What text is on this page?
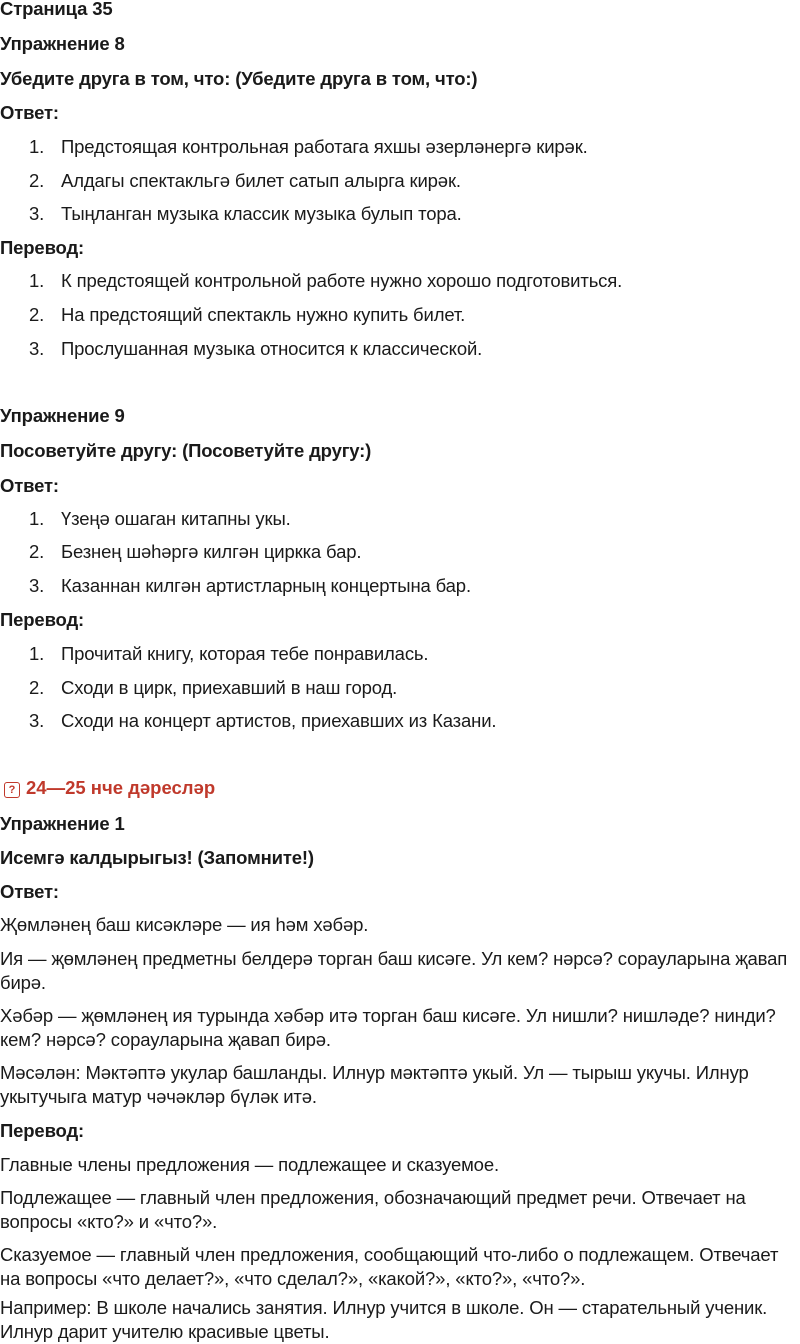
Страница 35
Упражнение 8
Убедите друга в том, что: (Убедите друга в том, что:)
Ответ:
1. Предстоящая контрольная работага яхшы әзерләнергә кирәк.
2. Алдагы спектакльгә билет сатып алырга кирәк.
3. Тыңланган музыка классик музыка булып тора.
Перевод:
1. К предстоящей контрольной работе нужно хорошо подготовиться.
2. На предстоящий спектакль нужно купить билет.
3. Прослушанная музыка относится к классической.
Упражнение 9
Посоветуйте другу: (Посоветуйте другу:)
Ответ:
1. Үзеңә ошаган китапны укы.
2. Безнең шәһәргә килгән циркка бар.
3. Казаннан килгән артистларның концертына бар.
Перевод:
1. Прочитай книгу, которая тебе понравилась.
2. Сходи в цирк, приехавший в наш город.
3. Сходи на концерт артистов, приехавших из Казани.
? 24—25 нче дәресләр
Упражнение 1
Исемгә калдырыгыз! (Запомните!)
Ответ:
Җөмләнең баш кисәкләре — ия һәм хәбәр.
Ия — җөмләнең предметны белдерә торган баш кисәге. Ул кем? нәрсә? сорауларына җавап бирә.
Хәбәр — җөмләнең ия турында хәбәр итә торган баш кисәге. Ул нишли? нишләде? нинди? кем? нәрсә? сорауларына җавап бирә.
Мәсәлән: Мәктәптә укулар башланды. Илнур мәктәптә укый. Ул — тырыш укучы. Илнур укытучыга матур чәчәкләр бүләк итә.
Перевод:
Главные члены предложения — подлежащее и сказуемое.
Подлежащее — главный член предложения, обозначающий предмет речи. Отвечает на вопросы «кто?» и «что?».
Сказуемое — главный член предложения, сообщающий что-либо о подлежащем. Отвечает на вопросы «что делает?», «что сделал?», «какой?», «кто?», «что?».
Например: В школе начались занятия. Илнур учится в школе. Он — старательный ученик. Илнур дарит учителю красивые цветы.
